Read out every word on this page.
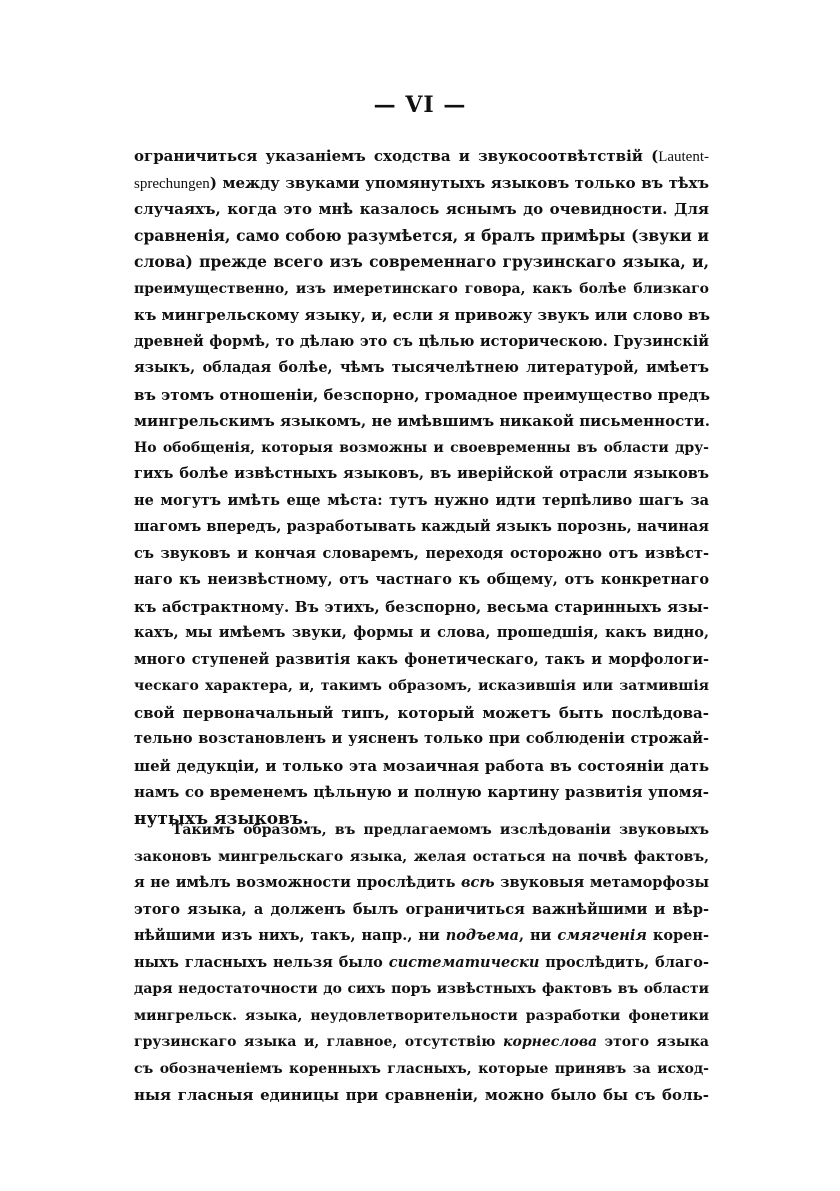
— VI —
ограничиться указаніемъ сходства и звукосоотвѣтствій (Lautent-
sprechungen) между звуками упомянутыхъ языковъ только въ тѣхъ
случаяхъ, когда это мнѣ казалось яснымъ до очевидности. Для
сравненія, само собою разумѣется, я бралъ примѣры (звуки и
слова) прежде всего изъ современнаго грузинскаго языка, и,
преимущественно, изъ имеретинскаго говора, какъ болѣе близкаго
къ мингрельскому языку, и, если я привожу звукъ или слово въ
древней формѣ, то дѣлаю это съ цѣлью историческою. Грузинскій
языкъ, обладая болѣе, чѣмъ тысячелѣтнею литературой, имѣетъ
въ этомъ отношеніи, безспорно, громадное преимущество предъ
мингрельскимъ языкомъ, не имѣвшимъ никакой письменности.
Но обобщенія, которыя возможны и своевременны въ области дру-
гихъ болѣе извѣстныхъ языковъ, въ иверійской отрасли языковъ
не могутъ имѣть еще мѣста: тутъ нужно идти терпѣливо шагъ за
шагомъ впередъ, разработывать каждый языкъ порознь, начиная
съ звуковъ и кончая словаремъ, переходя осторожно отъ извѣст-
наго къ неизвѣстному, отъ частнаго къ общему, отъ конкретнаго
къ абстрактному. Въ этихъ, безспорно, весьма старинныхъ язы-
кахъ, мы имѣемъ звуки, формы и слова, прошедшія, какъ видно,
много ступеней развитія какъ фонетическаго, такъ и морфологи-
ческаго характера, и, такимъ образомъ, исказившія или затмившія
свой первоначальный типъ, который можетъ быть послѣдова-
тельно возстановленъ и уясненъ только при соблюденіи строжай-
шей дедукціи, и только эта мозаичная работа въ состояніи дать
намъ со временемъ цѣльную и полную картину развитія упомя-
нутыхъ языковъ.
Такимъ образомъ, въ предлагаемомъ изслѣдованіи звуковыхъ
законовъ мингрельскаго языка, желая остаться на почвѣ фактовъ,
я не имѣлъ возможности прослѣдить всѣ звуковыя метаморфозы
этого языка, а долженъ былъ ограничиться важнѣйшими и вѣр-
нѣйшими изъ нихъ, такъ, напр., ни подъема, ни смягченія корен-
ныхъ гласныхъ нельзя было систематически прослѣдить, благо-
даря недостаточности до сихъ поръ извѣстныхъ фактовъ въ области
мингрельск. языка, неудовлетворительности разработки фонетики
грузинскаго языка и, главное, отсутствію корнеслова этого языка
съ обозначеніемъ коренныхъ гласныхъ, которые принявъ за исход-
ныя гласныя единицы при сравненіи, можно было бы съ боль-
